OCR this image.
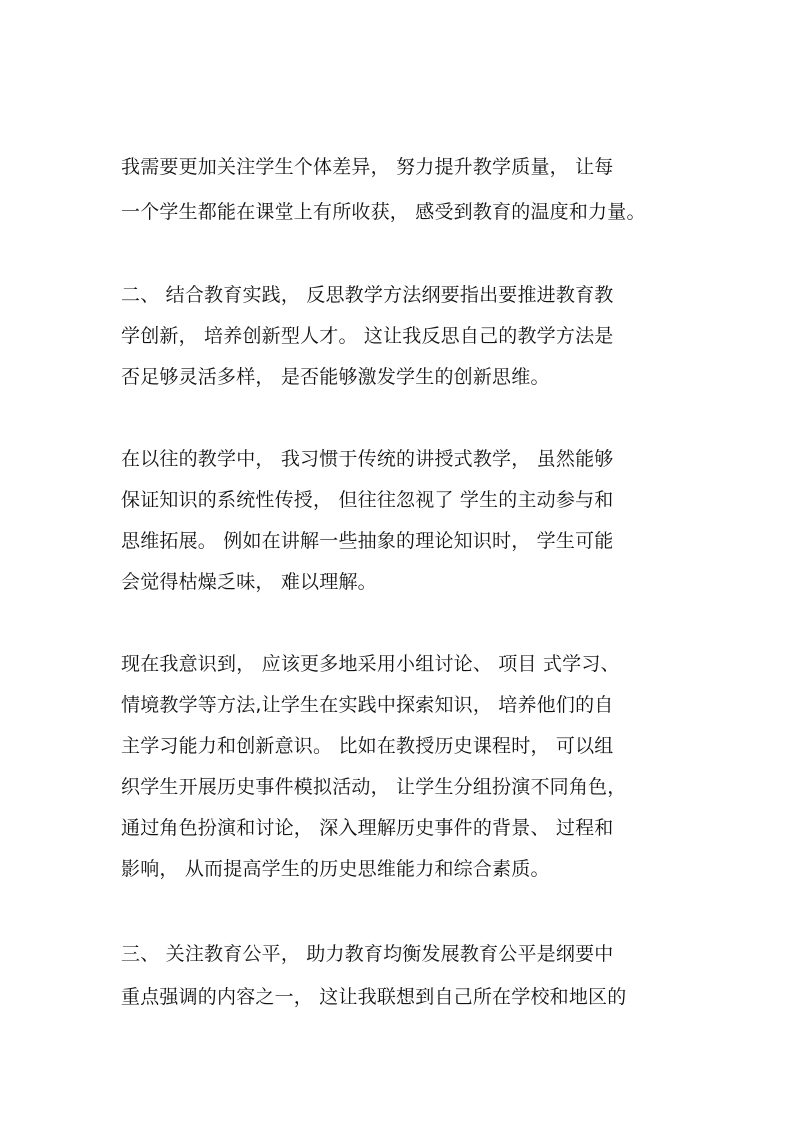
我需要更加关注学生个体差异， 努力提升教学质量， 让每

一个学生都能在课堂上有所收获， 感受到教育的温度和力量。

二、 结合教育实践， 反思教学方法纲要指出要推进教育教

学创新， 培养创新型人才。 这让我反思自己的教学方法是

否足够灵活多样， 是否能够激发学生的创新思维。

在以往的教学中， 我习惯于传统的讲授式教学， 虽然能够

保证知识的系统性传授， 但往往忽视了 学生的主动参与和

思维拓展。 例如在讲解一些抽象的理论知识时， 学生可能

会觉得枯燥乏味， 难以理解。

现在我意识到， 应该更多地采用小组讨论、 项目 式学习、

情境教学等方法,让学生在实践中探索知识， 培养他们的自

主学习能力和创新意识。 比如在教授历史课程时， 可以组

织学生开展历史事件模拟活动， 让学生分组扮演不同角色，

通过角色扮演和讨论， 深入理解历史事件的背景、 过程和

影响， 从而提高学生的历史思维能力和综合素质。

三、 关注教育公平， 助力教育均衡发展教育公平是纲要中

重点强调的内容之一， 这让我联想到自己所在学校和地区的
